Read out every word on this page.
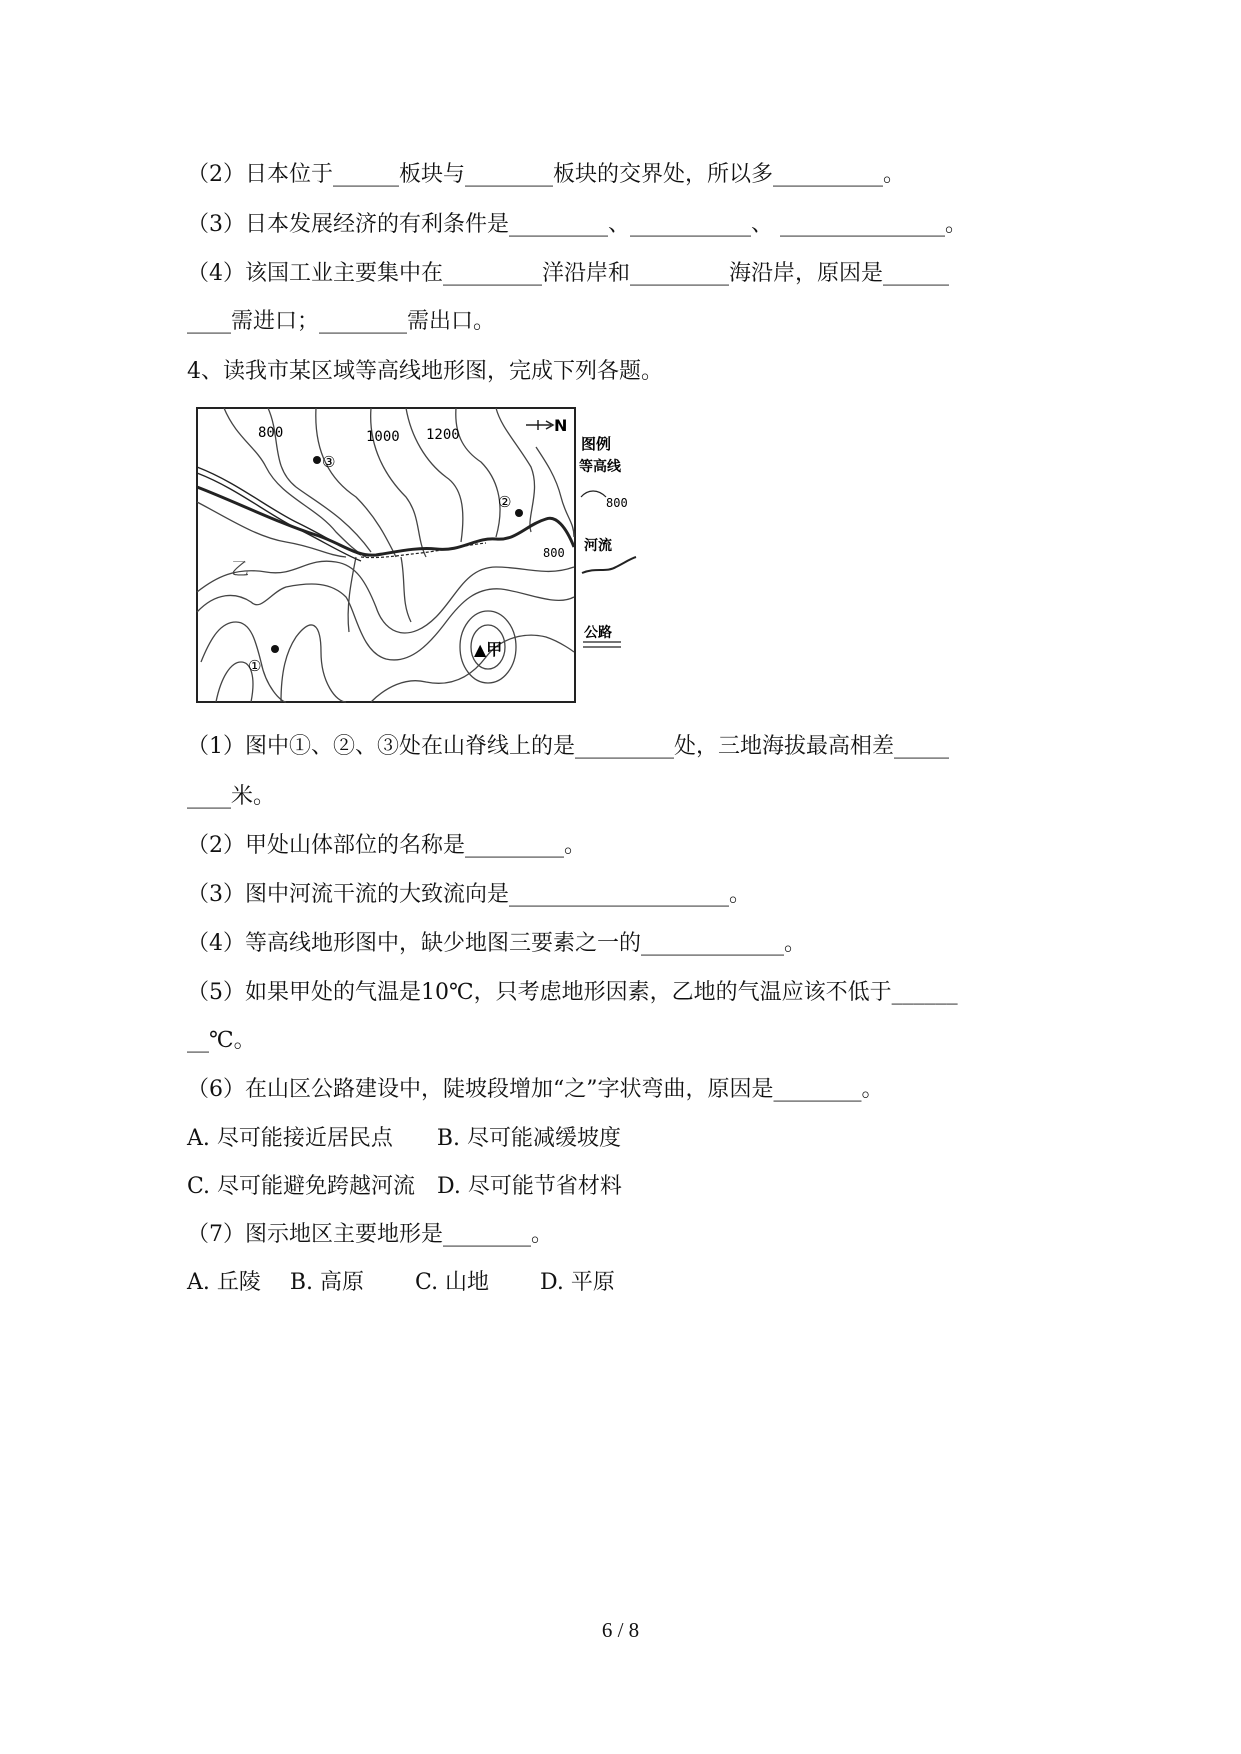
（2）日本位于______板块与________板块的交界处，所以多__________。
（3）日本发展经济的有利条件是_________、___________、 _______________。
（4）该国工业主要集中在_________洋沿岸和_________海沿岸，原因是______
____需进口；________需出口。
4、读我市某区域等高线地形图，完成下列各题。
800	1000 1200	N
③
②
①
乙
▲甲
800
图例
等高线
800
河流
公路
（1）图中①、②、③处在山脊线上的是_________处，三地海拔最高相差_____
____米。
（2）甲处山体部位的名称是_________。
（3）图中河流干流的大致流向是____________________。
（4）等高线地形图中，缺少地图三要素之一的_____________。
（5）如果甲处的气温是10℃，只考虑地形因素，乙地的气温应该不低于______
__℃。
（6）在山区公路建设中，陡坡段增加“之”字状弯曲，原因是________。
A. 尽可能接近居民点　　B. 尽可能减缓坡度
C. 尽可能避免跨越河流　D. 尽可能节省材料
（7）图示地区主要地形是________。
A. 丘陵　 B. 高原　　 C. 山地　　 D. 平原
6 / 8
